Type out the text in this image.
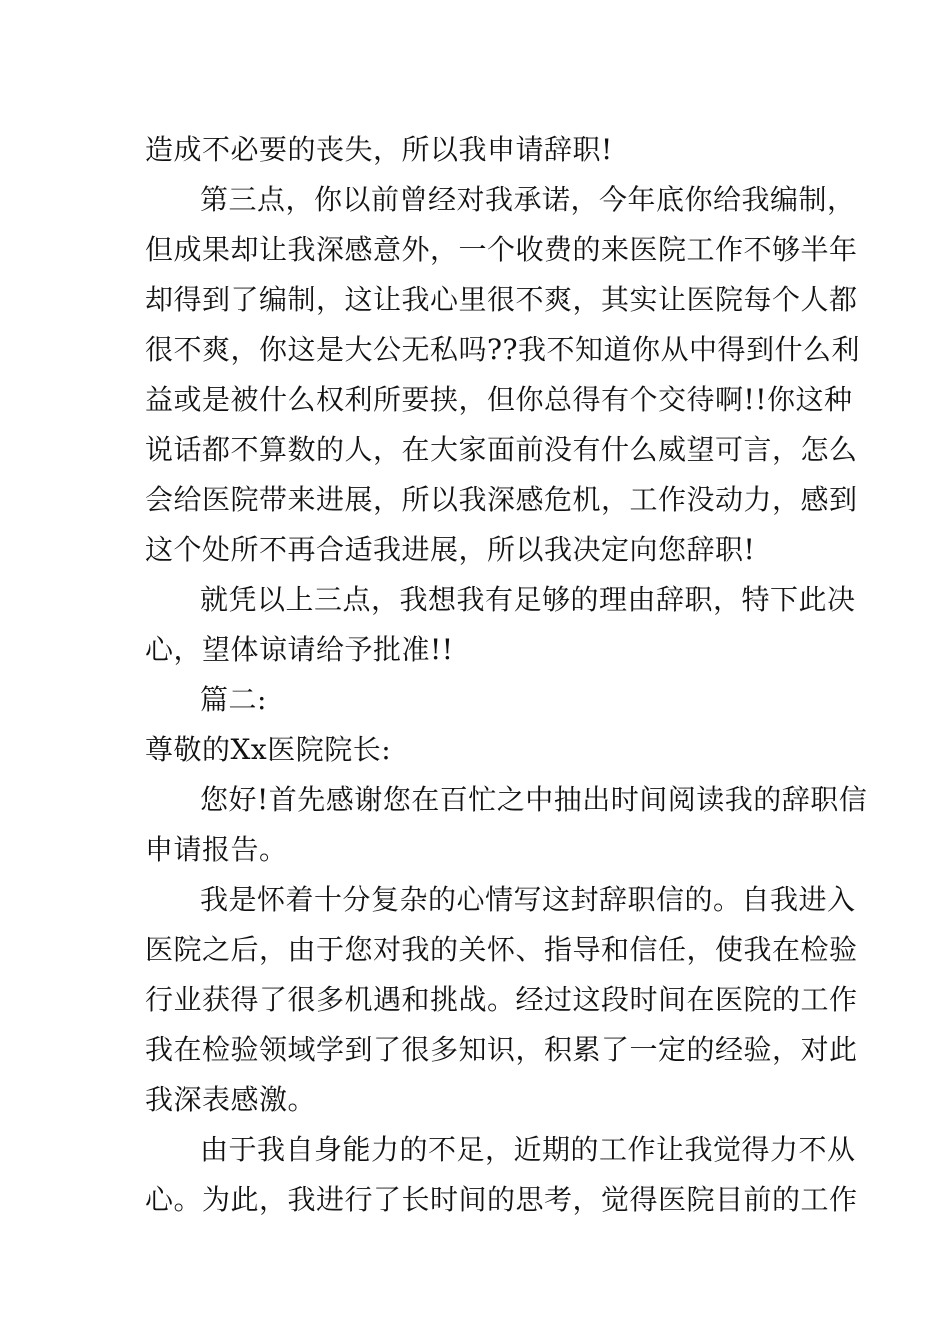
造成不必要的丧失，所以我申请辞职!
第三点，你以前曾经对我承诺，今年底你给我编制，
但成果却让我深感意外，一个收费的来医院工作不够半年
却得到了编制，这让我心里很不爽，其实让医院每个人都
很不爽，你这是大公无私吗??我不知道你从中得到什么利
益或是被什么权利所要挟，但你总得有个交待啊!!你这种
说话都不算数的人，在大家面前没有什么威望可言，怎么
会给医院带来进展，所以我深感危机，工作没动力，感到
这个处所不再合适我进展，所以我决定向您辞职!
就凭以上三点，我想我有足够的理由辞职，特下此决
心，望体谅请给予批准!!
篇二:
尊敬的Xx医院院长:
您好!首先感谢您在百忙之中抽出时间阅读我的辞职信
申请报告。
我是怀着十分复杂的心情写这封辞职信的。自我进入
医院之后，由于您对我的关怀、指导和信任，使我在检验
行业获得了很多机遇和挑战。经过这段时间在医院的工作
我在检验领域学到了很多知识，积累了一定的经验，对此
我深表感激。
由于我自身能力的不足，近期的工作让我觉得力不从
心。为此，我进行了长时间的思考，觉得医院目前的工作
